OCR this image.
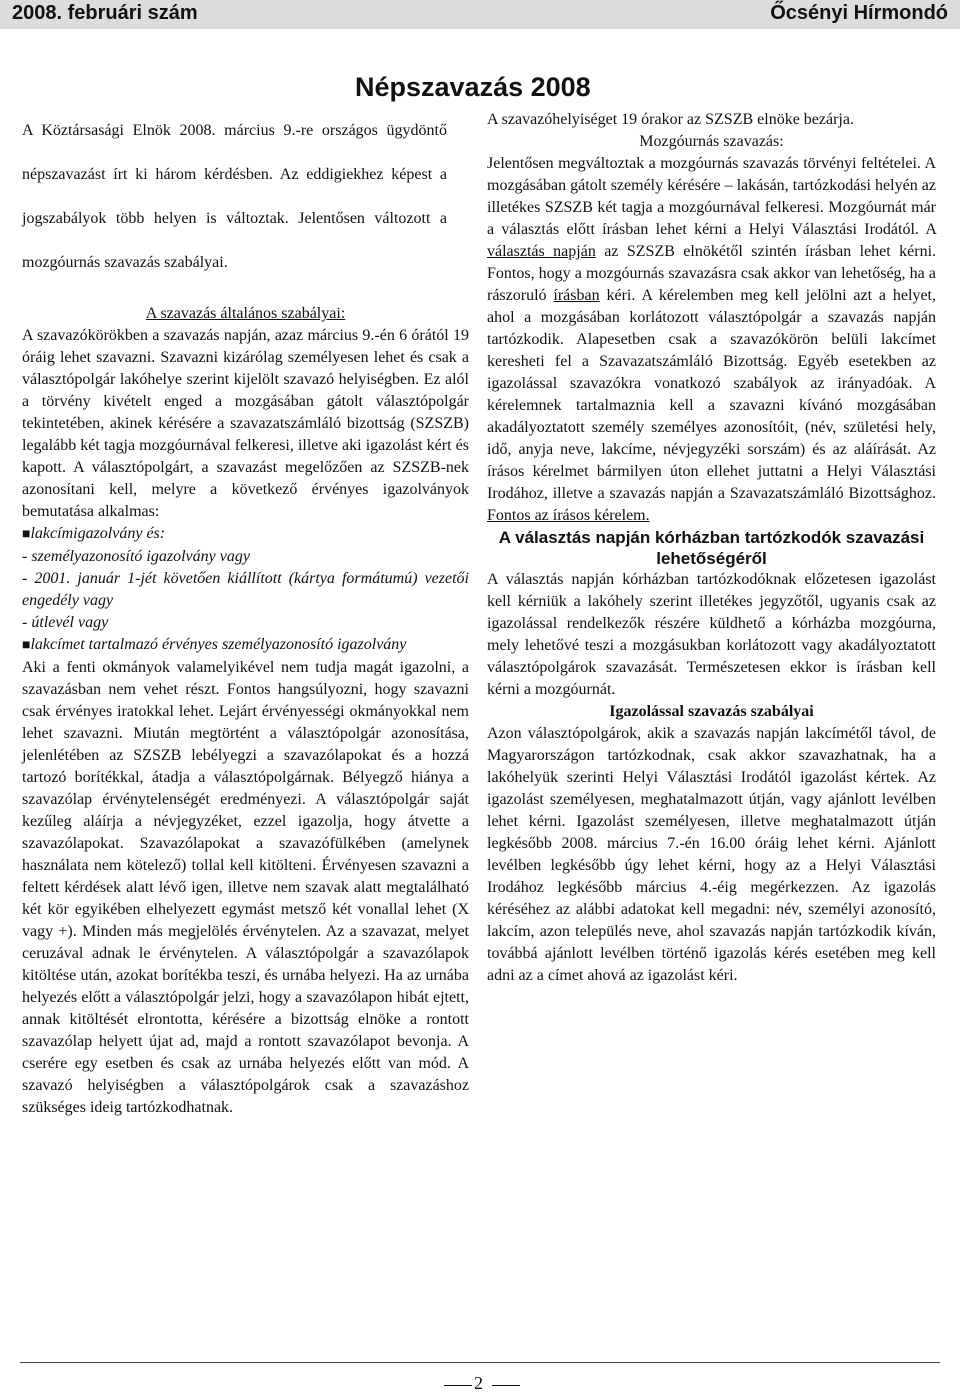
2008. februári szám	Őcsényi Hírmondó
Népszavazás 2008

A Köztársasági Elnök 2008. március 9.-re országos ügydöntő népszavazást írt ki három kérdésben. Az eddigiekhez képest a jogszabályok több helyen is változtak. Jelentősen változott a mozgóurnás szavazás szabályai.

A szavazás általános szabályai:

A szavazókörökben a szavazás napján, azaz március 9.-én 6 órától 19 óráig lehet szavazni. Szavazni kizárólag személyesen lehet és csak a választópolgár lakóhelye szerint kijelölt szavazó helyiségben. Ez alól a törvény kivételt enged a mozgásában gátolt választópolgár tekintetében, akinek kérésére a szavazatszámláló bizottság (SZSZB) legalább két tagja mozgóurnával felkeresi, illetve aki igazolást kért és kapott. A választópolgárt, a szavazást megelőzően az SZSZB-nek azonosítani kell, melyre a következő érvényes igazolványok bemutatása alkalmas:

■lakcímigazolvány és:

- személyazonosító igazolvány vagy

- 2001. január 1-jét követően kiállított (kártya formátumú) vezetői engedély vagy

- útlevél vagy

■lakcímet tartalmazó érvényes személyazonosító igazolvány

Aki a fenti okmányok valamelyikével nem tudja magát igazolni, a szavazásban nem vehet részt. Fontos hangsúlyozni, hogy szavazni csak érvényes iratokkal lehet. Lejárt érvényességi okmányokkal nem lehet szavazni. Miután megtörtént a választópolgár azonosítása, jelenlétében az SZSZB lebélyegzi a szavazólapokat és a hozzá tartozó borítékkal, átadja a választópolgárnak. Bélyegző hiánya a szavazólap érvénytelenségét eredményezi. A választópolgár saját kezűleg aláírja a névjegyzéket, ezzel igazolja, hogy átvette a szavazólapokat. Szavazólapokat a szavazófülkében (amelynek használata nem kötelező) tollal kell kitölteni. Érvényesen szavazni a feltett kérdések alatt lévő igen, illetve nem szavak alatt megtalálható két kör egyikében elhelyezett egymást metsző két vonallal lehet (X vagy +). Minden más megjelölés érvénytelen. Az a szavazat, melyet ceruzával adnak le érvénytelen. A választópolgár a szavazólapok kitöltése után, azokat borítékba teszi, és urnába helyezi. Ha az urnába helyezés előtt a választópolgár jelzi, hogy a szavazólapon hibát ejtett, annak kitöltését elrontotta, kérésére a bizottság elnöke a rontott szavazólap helyett újat ad, majd a rontott szavazólapot bevonja. A cserére egy esetben és csak az urnába helyezés előtt van mód. A szavazó helyiségben a választópolgárok csak a szavazáshoz szükséges ideig tartózkodhatnak.

A szavazóhelyiséget 19 órakor az SZSZB elnöke bezárja.

Mozgóurnás szavazás:

Jelentősen megváltoztak a mozgóurnás szavazás törvényi feltételei. A mozgásában gátolt személy kérésére – lakásán, tartózkodási helyén az illetékes SZSZB két tagja a mozgóurnával felkeresi. Mozgóurnát már a választás előtt írásban lehet kérni a Helyi Választási Irodától. A választás napján az SZSZB elnökétől szintén írásban lehet kérni. Fontos, hogy a mozgóurnás szavazásra csak akkor van lehetőség, ha a rászoruló írásban kéri. A kérelemben meg kell jelölni azt a helyet, ahol a mozgásában korlátozott választópolgár a szavazás napján tartózkodik. Alapesetben csak a szavazókörön belüli lakcímet keresheti fel a Szavazatszámláló Bizottság. Egyéb esetekben az igazolással szavazókra vonatkozó szabályok az irányadóak. A kérelemnek tartalmaznia kell a szavazni kívánó mozgásában akadályoztatott személy személyes azonosítóit, (név, születési hely, idő, anyja neve, lakcíme, névjegyzéki sorszám) és az aláírását. Az írásos kérelmet bármilyen úton ellehet juttatni a Helyi Választási Irodához, illetve a szavazás napján a Szavazatszámláló Bizottsághoz. Fontos az írásos kérelem.

A választás napján kórházban tartózkodók szavazási lehetőségéről

A választás napján kórházban tartózkodóknak előzetesen igazolást kell kérniük a lakóhely szerint illetékes jegyzőtől, ugyanis csak az igazolással rendelkezők részére küldhető a kórházba mozgóurna, mely lehetővé teszi a mozgásukban korlátozott vagy akadályoztatott választópolgárok szavazását. Természetesen ekkor is írásban kell kérni a mozgóurnát.

Igazolással szavazás szabályai

Azon választópolgárok, akik a szavazás napján lakcímétől távol, de Magyarországon tartózkodnak, csak akkor szavazhatnak, ha a lakóhelyük szerinti Helyi Választási Irodától igazolást kértek. Az igazolást személyesen, meghatalmazott útján, vagy ajánlott levélben lehet kérni. Igazolást személyesen, illetve meghatalmazott útján legkésőbb 2008. március 7.-én 16.00 óráig lehet kérni. Ajánlott levélben legkésőbb úgy lehet kérni, hogy az a Helyi Választási Irodához legkésőbb március 4.-éig megérkezzen. Az igazolás kéréséhez az alábbi adatokat kell megadni: név, személyi azonosító, lakcím, azon település neve, ahol szavazás napján tartózkodik kíván, továbbá ajánlott levélben történő igazolás kérés esetében meg kell adni az a címet ahová az igazolást kéri.

2
